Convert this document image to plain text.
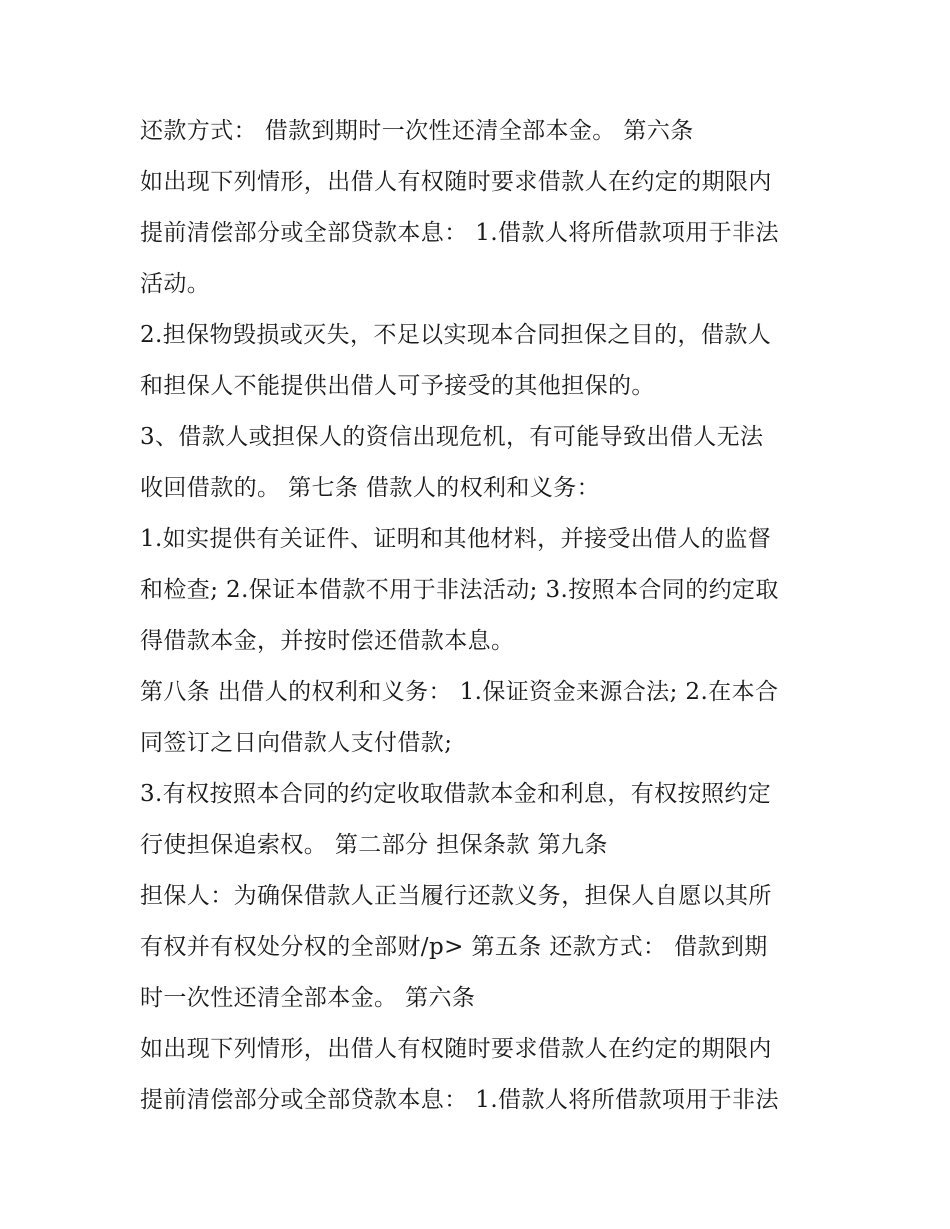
还款方式： 借款到期时一次性还清全部本金。 第六条
如出现下列情形，出借人有权随时要求借款人在约定的期限内
提前清偿部分或全部贷款本息： 1.借款人将所借款项用于非法
活动。
2.担保物毁损或灭失，不足以实现本合同担保之目的，借款人
和担保人不能提供出借人可予接受的其他担保的。
3、借款人或担保人的资信出现危机，有可能导致出借人无法
收回借款的。 第七条 借款人的权利和义务：
1.如实提供有关证件、证明和其他材料，并接受出借人的监督
和检查; 2.保证本借款不用于非法活动; 3.按照本合同的约定取
得借款本金，并按时偿还借款本息。
第八条 出借人的权利和义务： 1.保证资金来源合法; 2.在本合
同签订之日向借款人支付借款;
3.有权按照本合同的约定收取借款本金和利息，有权按照约定
行使担保追索权。 第二部分 担保条款 第九条
担保人：为确保借款人正当履行还款义务，担保人自愿以其所
有权并有权处分权的全部财/p> 第五条 还款方式： 借款到期
时一次性还清全部本金。 第六条
如出现下列情形，出借人有权随时要求借款人在约定的期限内
提前清偿部分或全部贷款本息： 1.借款人将所借款项用于非法
